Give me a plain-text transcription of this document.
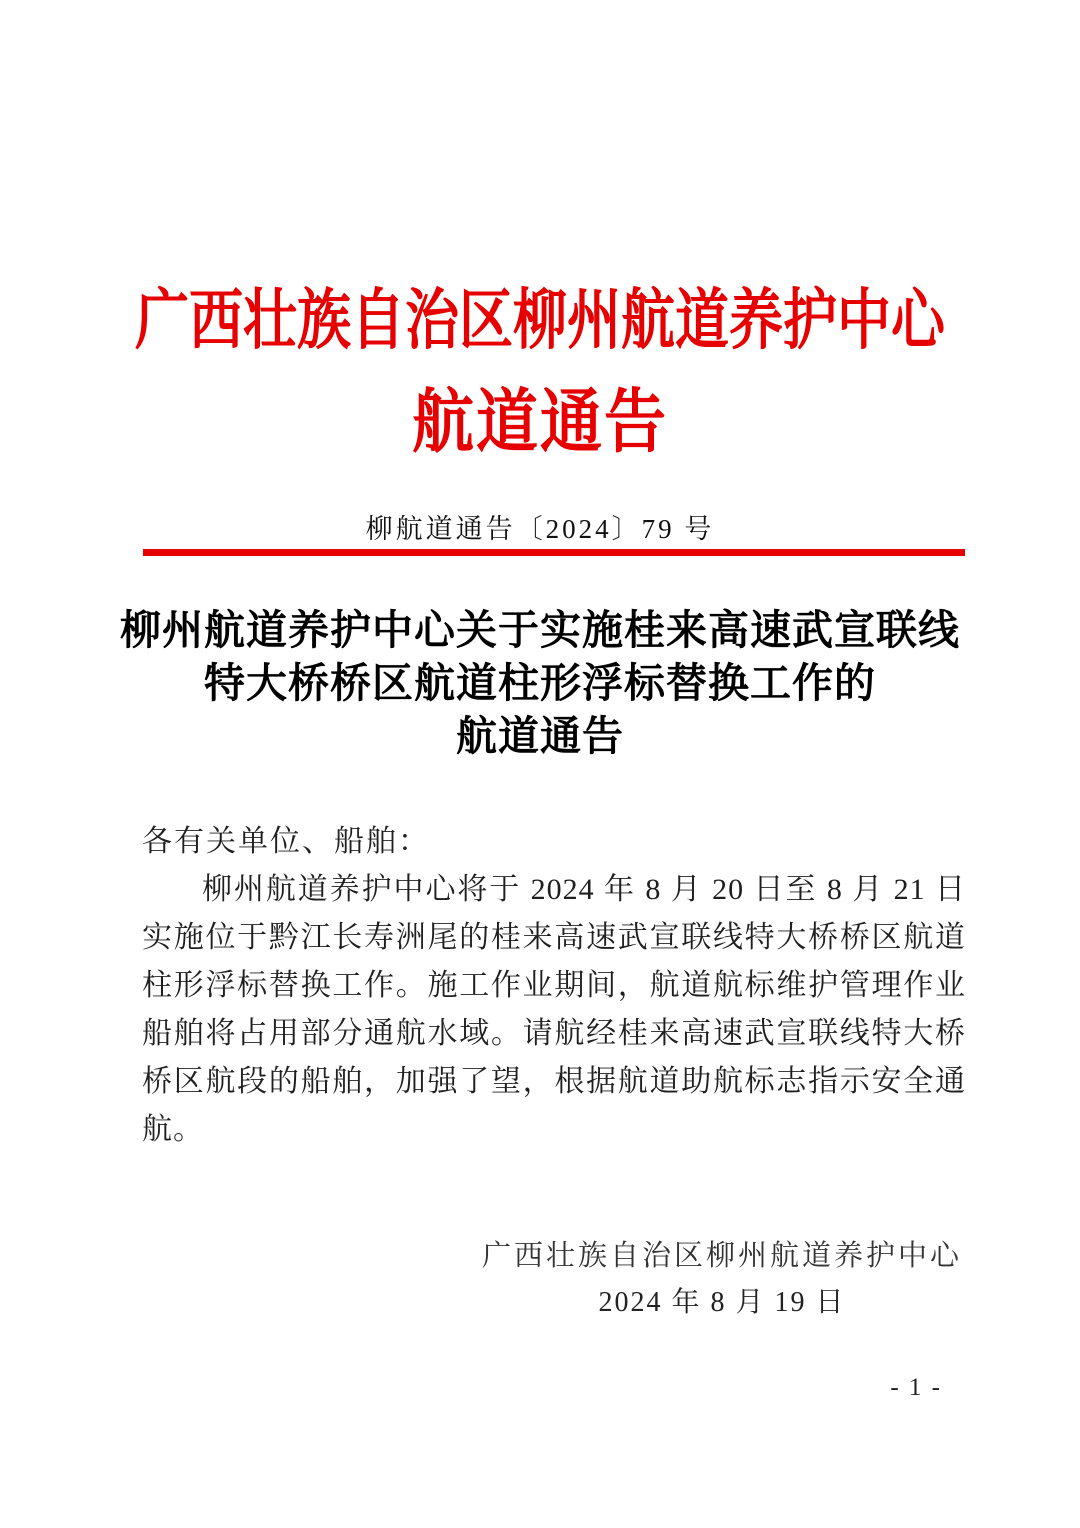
广西壮族自治区柳州航道养护中心
航道通告
柳航道通告〔2024〕79 号
柳州航道养护中心关于实施桂来高速武宣联线
特大桥桥区航道柱形浮标替换工作的
航道通告
各有关单位、船舶：

柳州航道养护中心将于 2024 年 8 月 20 日至 8 月 21 日实施位于黔江长寿洲尾的桂来高速武宣联线特大桥桥区航道柱形浮标替换工作。施工作业期间，航道航标维护管理作业船舶将占用部分通航水域。请航经桂来高速武宣联线特大桥桥区航段的船舶，加强了望，根据航道助航标志指示安全通航。

广西壮族自治区柳州航道养护中心
2024 年 8 月 19 日
- 1 -
